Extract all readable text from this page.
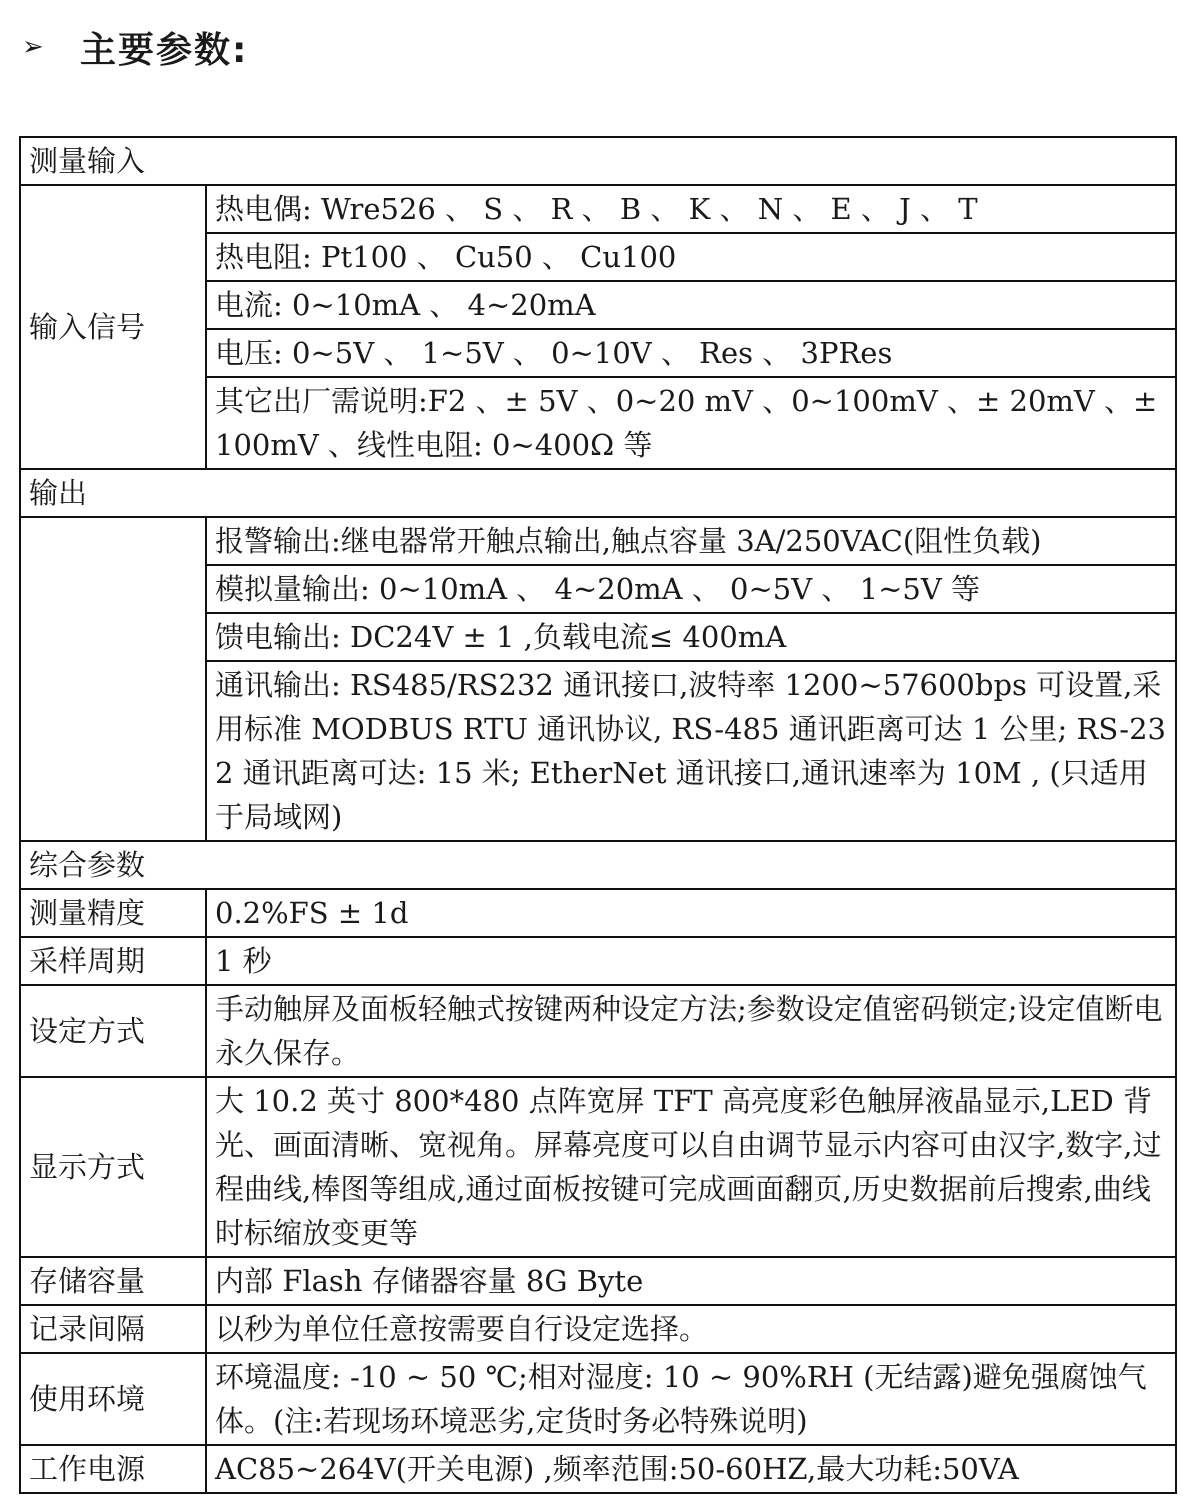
➢	主要参数:
测量输入	
输入信号	热电偶: Wre526 、 S 、 R 、 B 、 K 、 N 、 E 、 J 、 T
	热电阻: Pt100 、 Cu50 、 Cu100
	电流: 0~10mA 、 4~20mA
	电压: 0~5V 、 1~5V 、 0~10V 、 Res 、 3PRes
	其它出厂需说明:F2 、± 5V 、0~20 mV 、0~100mV 、± 20mV 、± 100mV 、线性电阻: 0~400Ω 等
输出	
	报警输出:继电器常开触点输出,触点容量 3A/250VAC(阻性负载)
	模拟量输出: 0~10mA 、 4~20mA 、 0~5V 、 1~5V 等
	馈电输出: DC24V ± 1 ,负载电流≤ 400mA
	通讯输出: RS485/RS232 通讯接口,波特率 1200~57600bps 可设置,采用标准 MODBUS RTU 通讯协议, RS-485 通讯距离可达 1 公里; RS-232 通讯距离可达: 15 米; EtherNet 通讯接口,通讯速率为 10M , (只适用于局域网)
综合参数	
测量精度	0.2%FS ± 1d
采样周期	1 秒
设定方式	手动触屏及面板轻触式按键两种设定方法;参数设定值密码锁定;设定值断电永久保存。
显示方式	大 10.2 英寸 800*480 点阵宽屏 TFT 高亮度彩色触屏液晶显示,LED 背光、画面清晰、宽视角。屏幕亮度可以自由调节显示内容可由汉字,数字,过程曲线,棒图等组成,通过面板按键可完成画面翻页,历史数据前后搜索,曲线时标缩放变更等
存储容量	内部 Flash 存储器容量 8G Byte
记录间隔	以秒为单位任意按需要自行设定选择。
使用环境	环境温度: -10 ~ 50 ℃;相对湿度: 10 ~ 90%RH (无结露)避免强腐蚀气体。(注:若现场环境恶劣,定货时务必特殊说明)
工作电源	AC85~264V(开关电源) ,频率范围:50-60HZ,最大功耗:50VA
